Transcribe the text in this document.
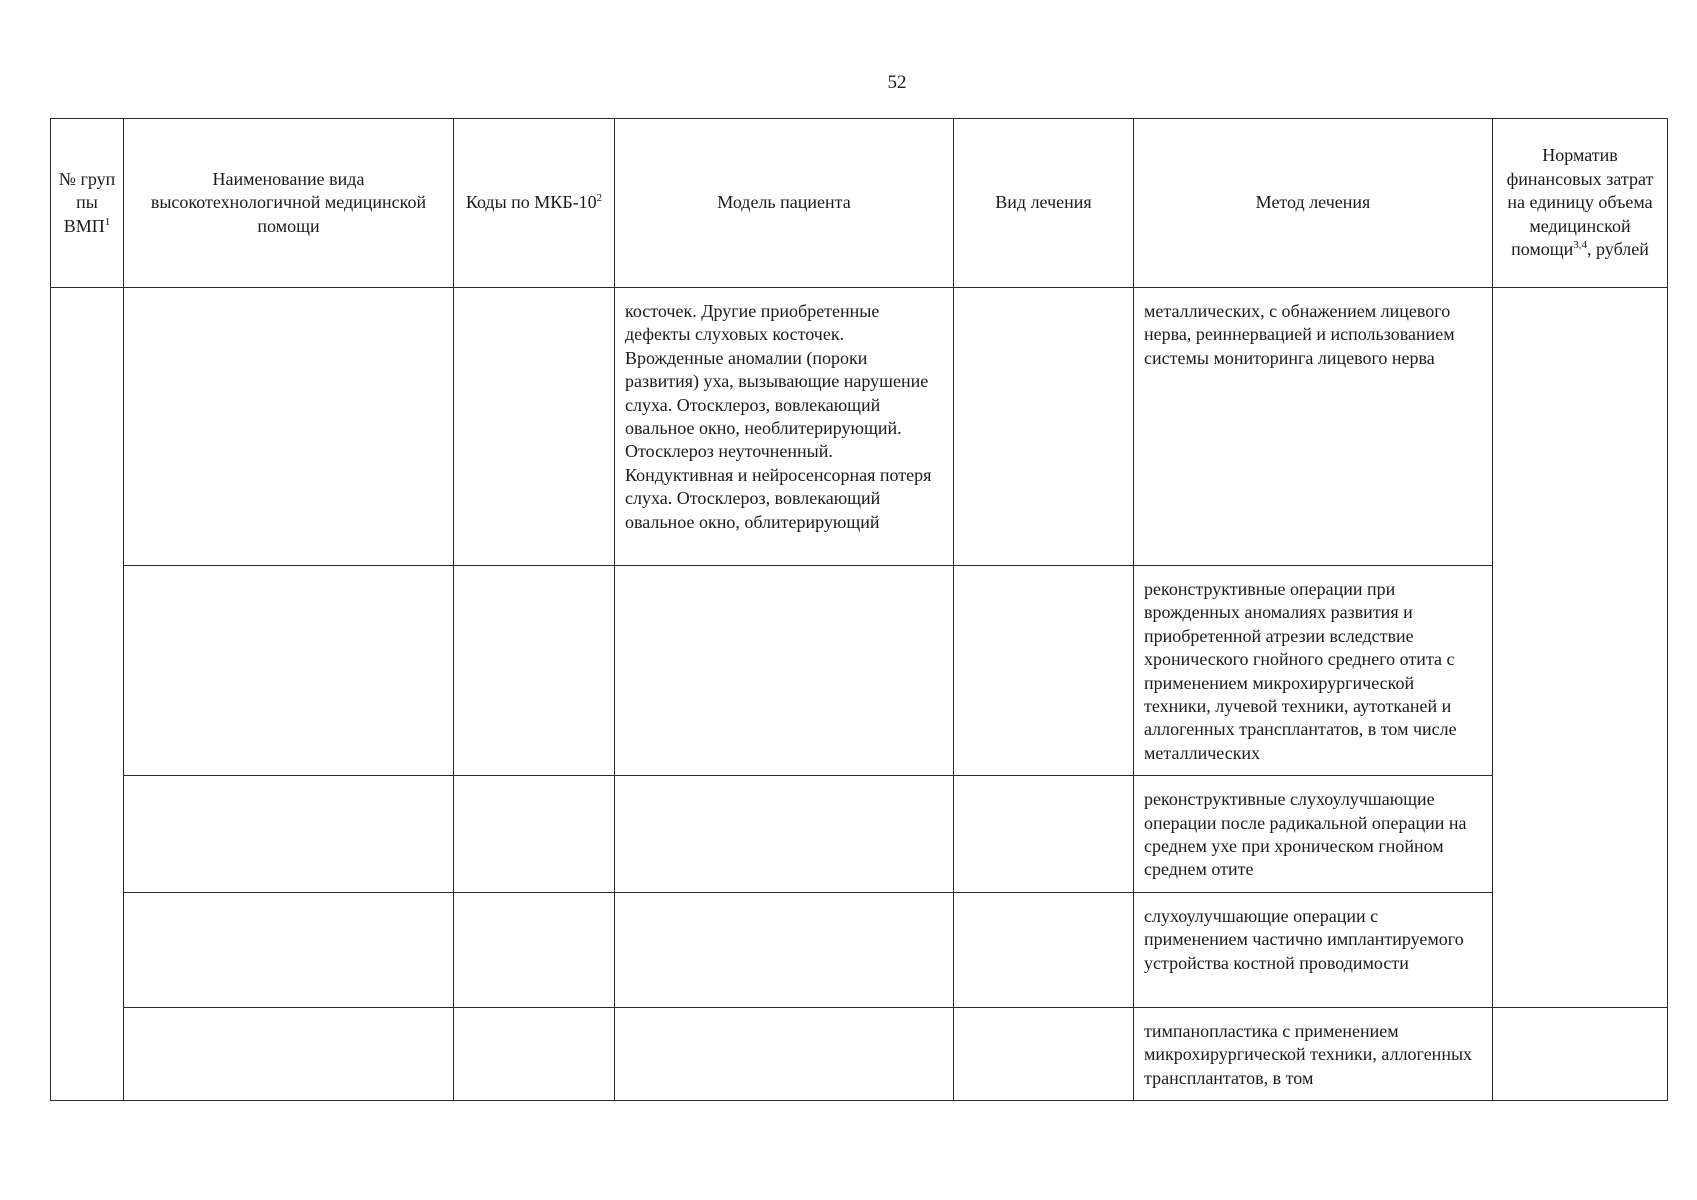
52
№ груп пы ВМП$^1$	Наименование вида высокотехнологичной медицинской помощи	Коды по МКБ-$10^2$	Модель пациента	Вид лечения	Метод лечения	Норматив финансовых затрат на единицу объема медицинской помощи$^{3,4}$, рублей
			косточек. Другие приобретенные дефекты слуховых косточек. Врожденные аномалии (пороки развития) уха, вызывающие нарушение слуха. Отосклероз, вовлекающий овальное окно, необлитерирующий. Отосклероз неуточненный. Кондуктивная и нейросенсорная потеря слуха. Отосклероз, вовлекающий овальное окно, облитерирующий		металлических, с обнажением лицевого нерва, реиннервацией и использованием системы мониторинга лицевого нерва	
					реконструктивные операции при врожденных аномалиях развития и приобретенной атрезии вследствие хронического гнойного среднего отита с применением микрохирургической техники, лучевой техники, аутотканей и аллогенных трансплантатов, в том числе металлических	
					реконструктивные слухоулучшающие операции после радикальной операции на среднем ухе при хроническом гнойном среднем отите	
					слухоулучшающие операции с применением частично имплантируемого устройства костной проводимости	
					тимпанопластика с применением микрохирургической техники, аллогенных трансплантатов, в том	
